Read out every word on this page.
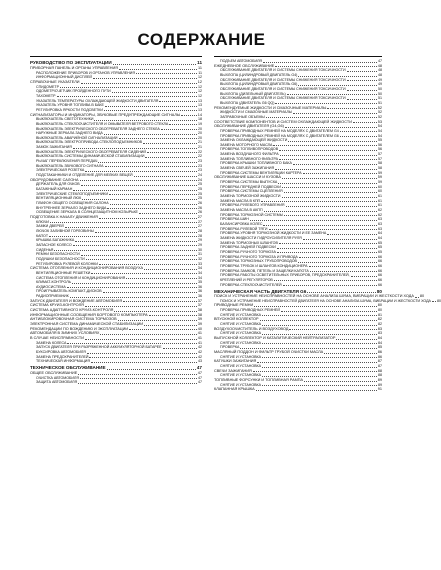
СОДЕРЖАНИЕ
РУКОВОДСТВО ПО ЭКСПЛУАТАЦИИ	11
ПРИБОРНАЯ ПАНЕЛЬ И ОРГАНЫ УПРАВЛЕНИЯ	11
РАСПОЛОЖЕНИЕ ПРИБОРОВ И ОРГАНОВ УПРАВЛЕНИЯ	11
ИНФОРМАЦИОННЫЙ ДИСПЛЕЙ	12
СПРАВОЧНЫЕ УКАЗАТЕЛИ	12
СПИДОМЕТР	12
ОДОМЕТР/СЧЕТЧИК ПРОЙДЕННОГО ПУТИ	12
ТАХОМЕТР	12
УКАЗАТЕЛЬ ТЕМПЕРАТУРЫ ОХЛАЖДАЮЩЕЙ ЖИДКОСТИ ДВИГАТЕЛЯ	13
УКАЗАТЕЛЬ УРОВНЯ ТОПЛИВА В БАКЕ	13
РЕГУЛИРОВКА ЯРКОСТИ ПОДСВЕТКИ	13
СИГНАЛИЗАТОРЫ И ИНДИКАТОРЫ, ЗВУКОВЫЕ ПРЕДУПРЕЖДАЮЩИЕ СИГНАЛЫ	14
ВЫКЛЮЧАТЕЛЬ СВЕТОТЕХНИКИ	18
ВЫКЛЮЧАТЕЛЬ СТЕКЛООЧИСТИТЕЛЯ И ОМЫВАТЕЛЯ ВЕТРОВОГО СТЕКЛА	19
ВЫКЛЮЧАТЕЛЬ ЭЛЕКТРИЧЕСКОГО ОБОГРЕВАТЕЛЯ ЗАДНЕГО СТЕКЛА	20
НАРУЖНЫЕ ЗЕРКАЛА ЗАДНЕГО ВИДА	20
ВЫКЛЮЧАТЕЛЬ АВАРИЙНОЙ СИГНАЛИЗАЦИИ	20
ВЫКЛЮЧАТЕЛЬ ЭЛЕКТРОПРИВОДА СТЕКЛОПОДЪЕМНИКОВ	21
ЗАМОК ЗАЖИГАНИЯ	21
ВЫКЛЮЧАТЕЛЬ ЭЛЕКТРИЧЕСКОГО ОБОГРЕВАТЕЛЯ СИДЕНИЙ	22
ВЫКЛЮЧАТЕЛЬ СИСТЕМЫ ДИНАМИЧЕСКОЙ СТАБИЛИЗАЦИИ	22
РЫЧАГ ПЕРЕКЛЮЧЕНИЯ ПЕРЕДАЧ	23
ВЫКЛЮЧАТЕЛЬ ЗВУКОВОГО СИГНАЛА	23
ЭЛЕКТРИЧЕСКАЯ РОЗЕТКА	23
ПОДСТАКАННИКИ И ОТДЕЛЕНИЕ ДЛЯ МЕЛКИХ ВЕЩЕЙ	24
ОБОРУДОВАНИЕ САЛОНА	24
ДЕРЖАТЕЛЬ ДЛЯ ОЧКОВ	25
БАГАЖНЫЙ КАРМАН	25
ЭЛЕКТРИЧЕСКИЕ СТЕКЛОПОДЪЕМНИКИ	25
ВЕНТИЛЯЦИОННЫЙ ЛЮК	25
ПЛАФОН ОБЩЕГО ОСВЕЩЕНИЯ САЛОНА	26
ВНУТРЕННЕЕ ЗЕРКАЛО ЗАДНЕГО ВИДА	26
ОСВЕЩЕНИЕ ЗЕРКАЛА В СОЛНЦЕЗАЩИТНОМ КОЗЫРЬКЕ	26
ПОДГОТОВКА К НАЧАЛУ ДВИЖЕНИЯ	27
КЛЮЧИ	27
ЗАМКИ ДВЕРЕЙ	27
ЛЮЧОК ЗАЛИВНОЙ ГОРЛОВИНЫ	28
КАПОТ	28
КРЫШКА БАГАЖНИКА	29
ЗАПАСНОЕ КОЛЕСО	29
СИДЕНЬЯ	30
РЕМНИ БЕЗОПАСНОСТИ	31
ПОДУШКИ БЕЗОПАСНОСТИ	32
РЕГУЛИРОВКА РУЛЕВОЙ КОЛОНКИ	33
СИСТЕМА ОТОПЛЕНИЯ И КОНДИЦИОНИРОВАНИЯ ВОЗДУХА	34
ВЕНТИЛЯЦИОННЫЕ РЕШЕТКИ	34
СИСТЕМА ОТОПЛЕНИЯ И КОНДИЦИОНИРОВАНИЯ	34
КЛИМАТ-КОНТРОЛЬ	35
АУДИОСИСТЕМА	36
ПРОИГРЫВАТЕЛЬ КОМПАКТ-ДИСКОВ	36
РАДИОПРИЕМНИК	36
ЗАПУСК ДВИГАТЕЛЯ И ВОЖДЕНИЕ АВТОМОБИЛЯ	37
СИСТЕМА КРУИЗ-КОНТРОЛЯ	37
СИСТЕМА АДАПТИВНОГО КРУИЗ-КОНТРОЛЯ	38
ИНФОРМАЦИОННЫЕ СООБЩЕНИЯ БОРТОВОГО КОМПЬЮТЕРА	38
АНТИБЛОКИРОВОЧНАЯ СИСТЕМА ТОРМОЗОВ	39
ЭЛЕКТРОННАЯ СИСТЕМА ДИНАМИЧЕСКОЙ СТАБИЛИЗАЦИИ	39
РЕКОМЕНДАЦИИ ПО ВОЖДЕНИЮ И ЭКСПЛУАТАЦИИ	40
АВТОМОБИЛЯ В ЗИМНИХ УСЛОВИЯХ	41
В СЛУЧАЕ НЕИСПРАВНОСТИ	41
ЗАМЕНА КОЛЕСА	41
ЗАПУСК ДВИГАТЕЛЯ ПРИ РАЗРЯЖЕННОЙ АККУМУЛЯТОРНОЙ БАТАРЕЕ	42
БУКСИРОВКА АВТОМОБИЛЯ	42
ЗАМЕНА ПРЕДОХРАНИТЕЛЕЙ	42
ТЕХНИЧЕСКАЯ ИНФОРМАЦИЯ	43
ТЕХНИЧЕСКОЕ ОБСЛУЖИВАНИЕ	47
ОБЩЕЕ ОБСЛУЖИВАНИЕ	47
ОЧИСТКА АВТОМОБИЛЯ	47
ЗАЩИТА АВТОМОБИЛЯ	47
ПОДЪЕМ АВТОМОБИЛЯ	47
ЕЖЕДНЕВНОЕ ОБСЛУЖИВАНИЕ	48
ОБСЛУЖИВАНИЕ ДВИГАТЕЛЯ И СИСТЕМЫ СНИЖЕНИЯ ТОКСИЧНОСТИ	48
ВЫХЛОПА (ЦИЛИНДРОВЫЙ ДВИГАТЕЛЬ G4)	48
ОБСЛУЖИВАНИЕ ДВИГАТЕЛЯ И СИСТЕМЫ СНИЖЕНИЯ ТОКСИЧНОСТИ	49
ВЫХЛОПА (ЦИЛИНДРОВЫЙ ДВИГАТЕЛЬ G6)	49
ОБСЛУЖИВАНИЕ ДВИГАТЕЛЯ И СИСТЕМЫ СНИЖЕНИЯ ТОКСИЧНОСТИ	50
ВЫХЛОПА (ДИЗЕЛЬНЫЙ ДВИГАТЕЛЬ)	50
ОБСЛУЖИВАНИЕ ДВИГАТЕЛЯ И СИСТЕМЫ СНИЖЕНИЯ ТОКСИЧНОСТИ	51
ВЫХЛОПА (ДВИГАТЕЛЬ G6 QQ)	51
РЕКОМЕНДУЕМЫЕ ЖИДКОСТИ И СМАЗОЧНЫЕ МАТЕРИАЛЫ	52
ЖИДКОСТИ И СМАЗОЧНЫЕ МАТЕРИАЛЫ	52
ЗАПРАВОЧНЫЕ ОБЪЕМЫ	52
СООТВЕТСТВИЕ КОМПОНЕНТОВ И СИСТЕМ ОХЛАЖДАЮЩЕЙ ЖИДКОСТИ	53
ОБСЛУЖИВАНИЕ ДВИГАТЕЛЯ (G4,G6)	54
ПРОВЕРКА ПРИВОДНЫХ РЕМНЕЙ НА МОДЕЛЯХ С ДВИГАТЕЛЕМ G4	54
ПРОВЕРКА ПРИВОДНЫХ РЕМНЕЙ НА МОДЕЛЯХ С ДВИГАТЕЛЕМ G6	54
ЗАМЕНА ОХЛАЖДАЮЩЕЙ ЖИДКОСТИ	55
ЗАМЕНА МОТОРНОГО МАСЛА	56
ПРОВЕРКА ТОПЛИВОПРОВОДОВ	56
ЗАМЕНА ВОЗДУШНОГО ФИЛЬТРА	57
ЗАМЕНА ТОПЛИВНОГО ФИЛЬТРА	57
ПРОВЕРКА КРЫШКИ ТОПЛИВНОГО БАКА	58
ЗАМЕНА СВЕЧЕЙ ЗАЖИГАНИЯ	58
ПРОВЕРКА СИСТЕМЫ ВЕНТИЛЯЦИИ КАРТЕРА	59
ОБСЛУЖИВАНИЕ ШАССИ И КУЗОВА	59
ПРОВЕРКА СИСТЕМЫ ВЫПУСКА	59
ПРОВЕРКА ПЕРЕДНЕЙ ПОДВЕСКИ	60
ПРОВЕРКА СИСТЕМЫ СЦЕПЛЕНИЯ	60
ЗАМЕНА ТОРМОЗНОЙ ЖИДКОСТИ	61
ЗАМЕНА МАСЛА В КПП	61
ПРОВЕРКА РУЛЕВОГО УПРАВЛЕНИЯ	61
ЗАМЕНА МАСЛА В АКПП	62
ПРОВЕРКА ТОРМОЗНОЙ СИСТЕМЫ	62
ПРОВЕРКА ШИН	63
БАЛАНСИРОВКА КОЛЕС	63
ПРОВЕРКА РУЛЕВОЙ ТЯГИ	63
ПРОВЕРКА УРОВНЯ ТОРМОЗНОЙ ЖИДКОСТИ И ЕЕ ЗАМЕНА	64
ЗАМЕНА ЖИДКОСТИ ГИДРОУСИЛИТЕЛЯ РУЛЯ	64
ЗАМЕНА ТОРМОЗНЫХ ШЛАНГОВ	65
ПРОВЕРКА ЗАДНЕЙ ПОДВЕСКИ	65
ПРОВЕРКА РУЧНОГО ТОРМОЗА	65
ПРОВЕРКА РУЧНОГО ТОРМОЗА И ПРИВОДА	66
ПРОВЕРКА ТОРМОЗНЫХ ТРУБОПРОВОДОВ	66
ПРОВЕРКА ТРУБОК И ШЛАНГОВ КОНДИЦИОНЕРА	66
ПРОВЕРКА ЗАМКОВ, ПЕТЕЛЬ И ЗАЩЕЛКИ КАПОТА	66
ПРОВЕРКА РАБОТЫ ОСВЕТИТЕЛЬНЫХ ПРИБОРОВ, ПРЕДОХРАНИТЕЛЕЙ,	66
КРЕПЛЕНИЙ И РЕГУЛЯТОРОВ	66
ПРОВЕРКА СТЕКЛООЧИСТИТЕЛЕЙ	66
МЕХАНИЧЕСКАЯ ЧАСТЬ ДВИГАТЕЛЯ G6	80
ПОИСК И УСТРАНЕНИЕ НЕИСПРАВНОСТЕЙ НА ОСНОВЕ АНАЛИЗА ШУМА, ВИБРАЦИИ И ЖЕСТКОСТИ ХОДА 80
ПОИСК И УСТРАНЕНИЕ НЕИСПРАВНОСТЕЙ ДВИГАТЕЛЯ НА ОСНОВЕ АНАЛИЗА ШУМА, ВИБРАЦИИ И ЖЕСТКОСТИ ХОДА 80
ПРИВОДНЫЕ РЕМНИ	80
ПРОВЕРКА ПРИВОДНЫХ РЕМНЕЙ	80
СНЯТИЕ И УСТАНОВКА	81
ВПУСКНОЙ КОЛЛЕКТОР	82
СНЯТИЕ И УСТАНОВКА	82
ВОЗДУХООЧИСТИТЕЛЬ И ВОЗДУХОВОД	83
СНЯТИЕ И УСТАНОВКА	83
ВЫПУСКНОЙ КОЛЛЕКТОР И КАТАЛИТИЧЕСКИЙ НЕЙТРАЛИЗАТОР	84
СНЯТИЕ И УСТАНОВКА	84
ПРОВЕРКА	85
МАСЛЯНЫЙ ПОДДОН И ФИЛЬТР ГРУБОЙ ОЧИСТКИ МАСЛА	86
СНЯТИЕ И УСТАНОВКА	86
КАТУШКИ ЗАЖИГАНИЯ	87
СНЯТИЕ И УСТАНОВКА	87
СВЕЧИ ЗАЖИГАНИЯ	88
СНЯТИЕ И УСТАНОВКА	88
ТОПЛИВНЫЕ ФОРСУНКИ И ТОПЛИВНАЯ РАМПА	89
СНЯТИЕ И УСТАНОВКА	89
КЛАПАННАЯ КРЫШКА	91
